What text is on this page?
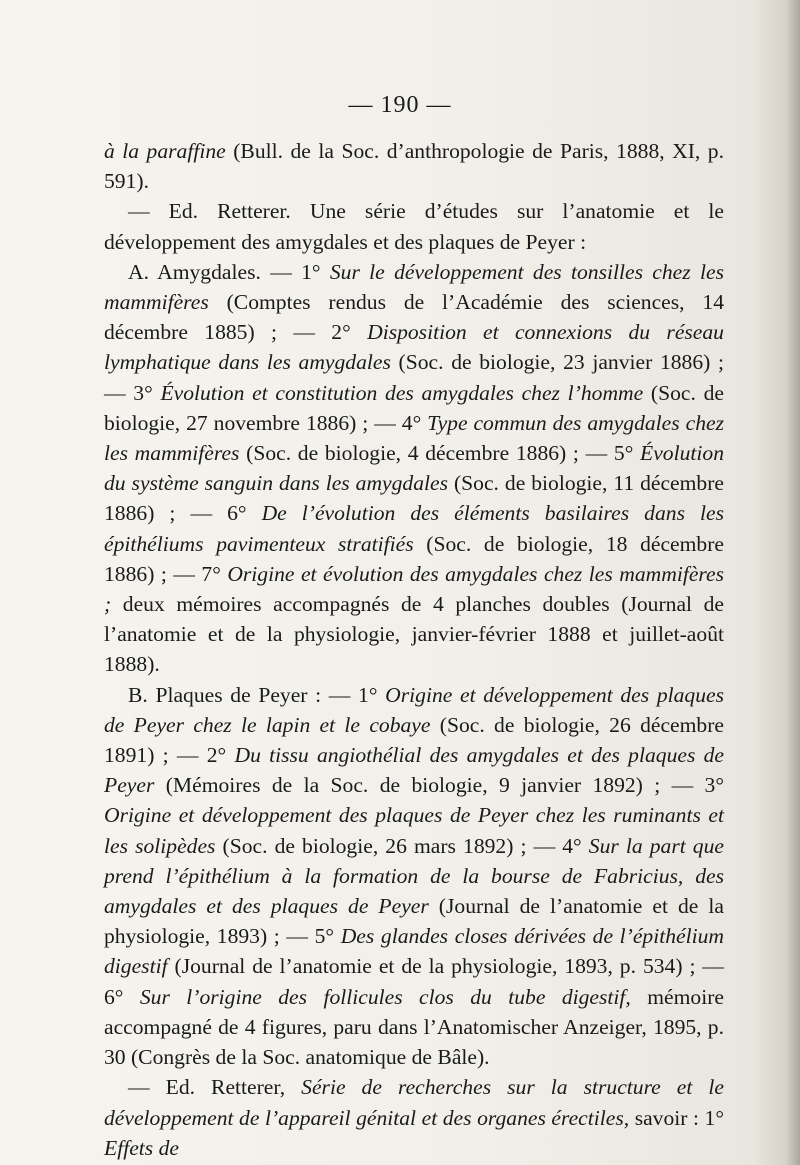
— 190 —

à la paraffine (Bull. de la Soc. d’anthropologie de Paris, 1888, XI, p. 591).

— Ed. Retterer. Une série d’études sur l’anatomie et le développement des amygdales et des plaques de Peyer :

A. Amygdales. — 1° Sur le développement des tonsilles chez les mammifères (Comptes rendus de l’Académie des sciences, 14 décembre 1885) ; — 2° Disposition et connexions du réseau lymphatique dans les amygdales (Soc. de biologie, 23 janvier 1886) ; — 3° Évolution et constitution des amygdales chez l’homme (Soc. de biologie, 27 novembre 1886) ; — 4° Type commun des amygdales chez les mammifères (Soc. de biologie, 4 décembre 1886) ; — 5° Évolution du système sanguin dans les amygdales (Soc. de biologie, 11 décembre 1886) ; — 6° De l’évolution des éléments basilaires dans les épithéliums pavimenteux stratifiés (Soc. de biologie, 18 décembre 1886) ; — 7° Origine et évolution des amygdales chez les mammifères ; deux mémoires accompagnés de 4 planches doubles (Journal de l’anatomie et de la physiologie, janvier-février 1888 et juillet-août 1888).

B. Plaques de Peyer : — 1° Origine et développement des plaques de Peyer chez le lapin et le cobaye (Soc. de biologie, 26 décembre 1891) ; — 2° Du tissu angiothélial des amygdales et des plaques de Peyer (Mémoires de la Soc. de biologie, 9 janvier 1892) ; — 3° Origine et développement des plaques de Peyer chez les ruminants et les solipèdes (Soc. de biologie, 26 mars 1892) ; — 4° Sur la part que prend l’épithélium à la formation de la bourse de Fabricius, des amygdales et des plaques de Peyer (Journal de l’anatomie et de la physiologie, 1893) ; — 5° Des glandes closes dérivées de l’épithélium digestif (Journal de l’anatomie et de la physiologie, 1893, p. 534) ; — 6° Sur l’origine des follicules clos du tube digestif, mémoire accompagné de 4 figures, paru dans l’Anatomischer Anzeiger, 1895, p. 30 (Congrès de la Soc. anatomique de Bâle).

— Ed. Retterer, Série de recherches sur la structure et le développement de l’appareil génital et des organes érectiles, savoir : 1° Effets de
